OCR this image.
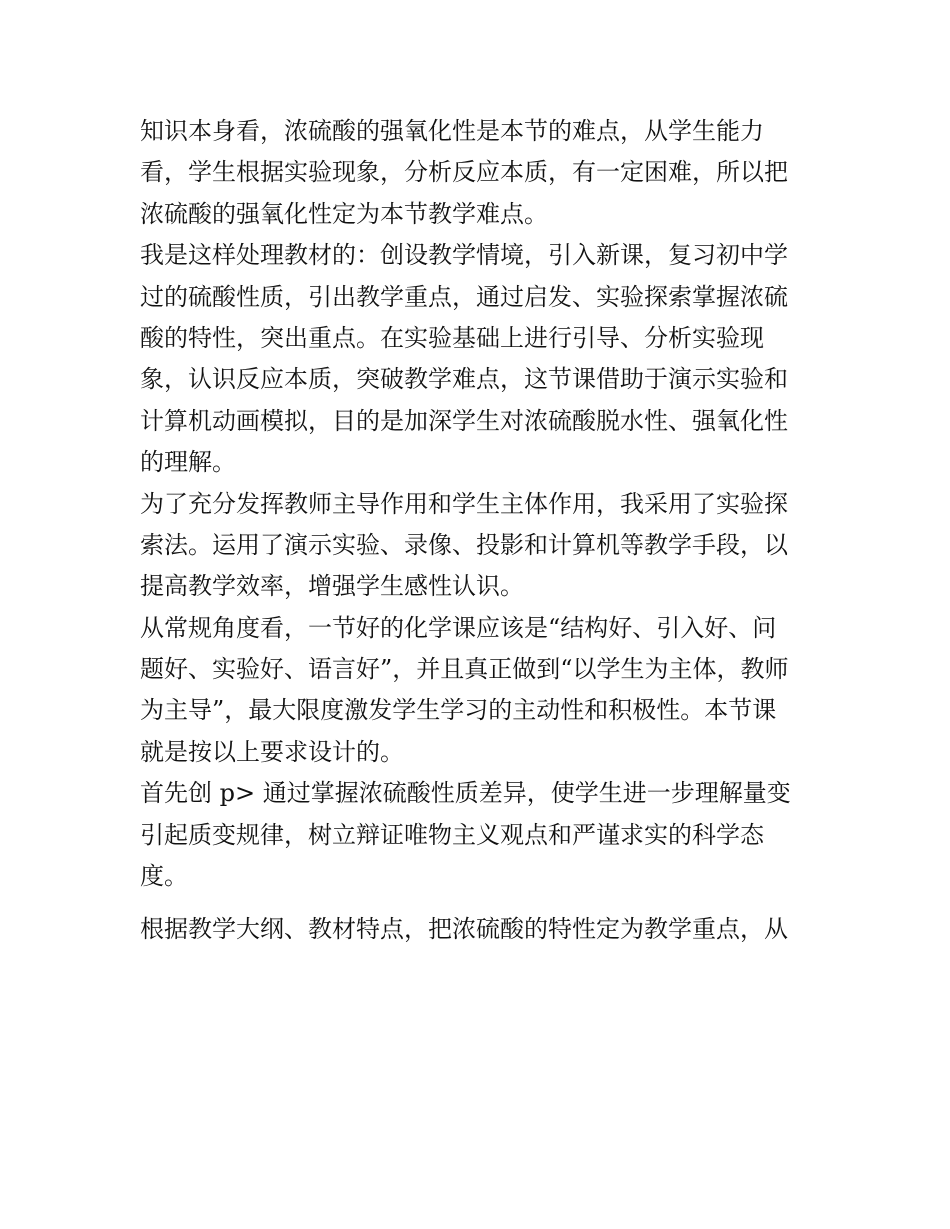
知识本身看，浓硫酸的强氧化性是本节的难点，从学生能力
看，学生根据实验现象，分析反应本质，有一定困难，所以把
浓硫酸的强氧化性定为本节教学难点。
我是这样处理教材的：创设教学情境，引入新课，复习初中学
过的硫酸性质，引出教学重点，通过启发、实验探索掌握浓硫
酸的特性，突出重点。在实验基础上进行引导、分析实验现
象，认识反应本质，突破教学难点，这节课借助于演示实验和
计算机动画模拟，目的是加深学生对浓硫酸脱水性、强氧化性
的理解。
为了充分发挥教师主导作用和学生主体作用，我采用了实验探
索法。运用了演示实验、录像、投影和计算机等教学手段，以
提高教学效率，增强学生感性认识。
从常规角度看，一节好的化学课应该是“结构好、引入好、问
题好、实验好、语言好”，并且真正做到“以学生为主体，教师
为主导”，最大限度激发学生学习的主动性和积极性。本节课
就是按以上要求设计的。
首先创 p> 通过掌握浓硫酸性质差异，使学生进一步理解量变
引起质变规律，树立辩证唯物主义观点和严谨求实的科学态
度。
根据教学大纲、教材特点，把浓硫酸的特性定为教学重点，从
